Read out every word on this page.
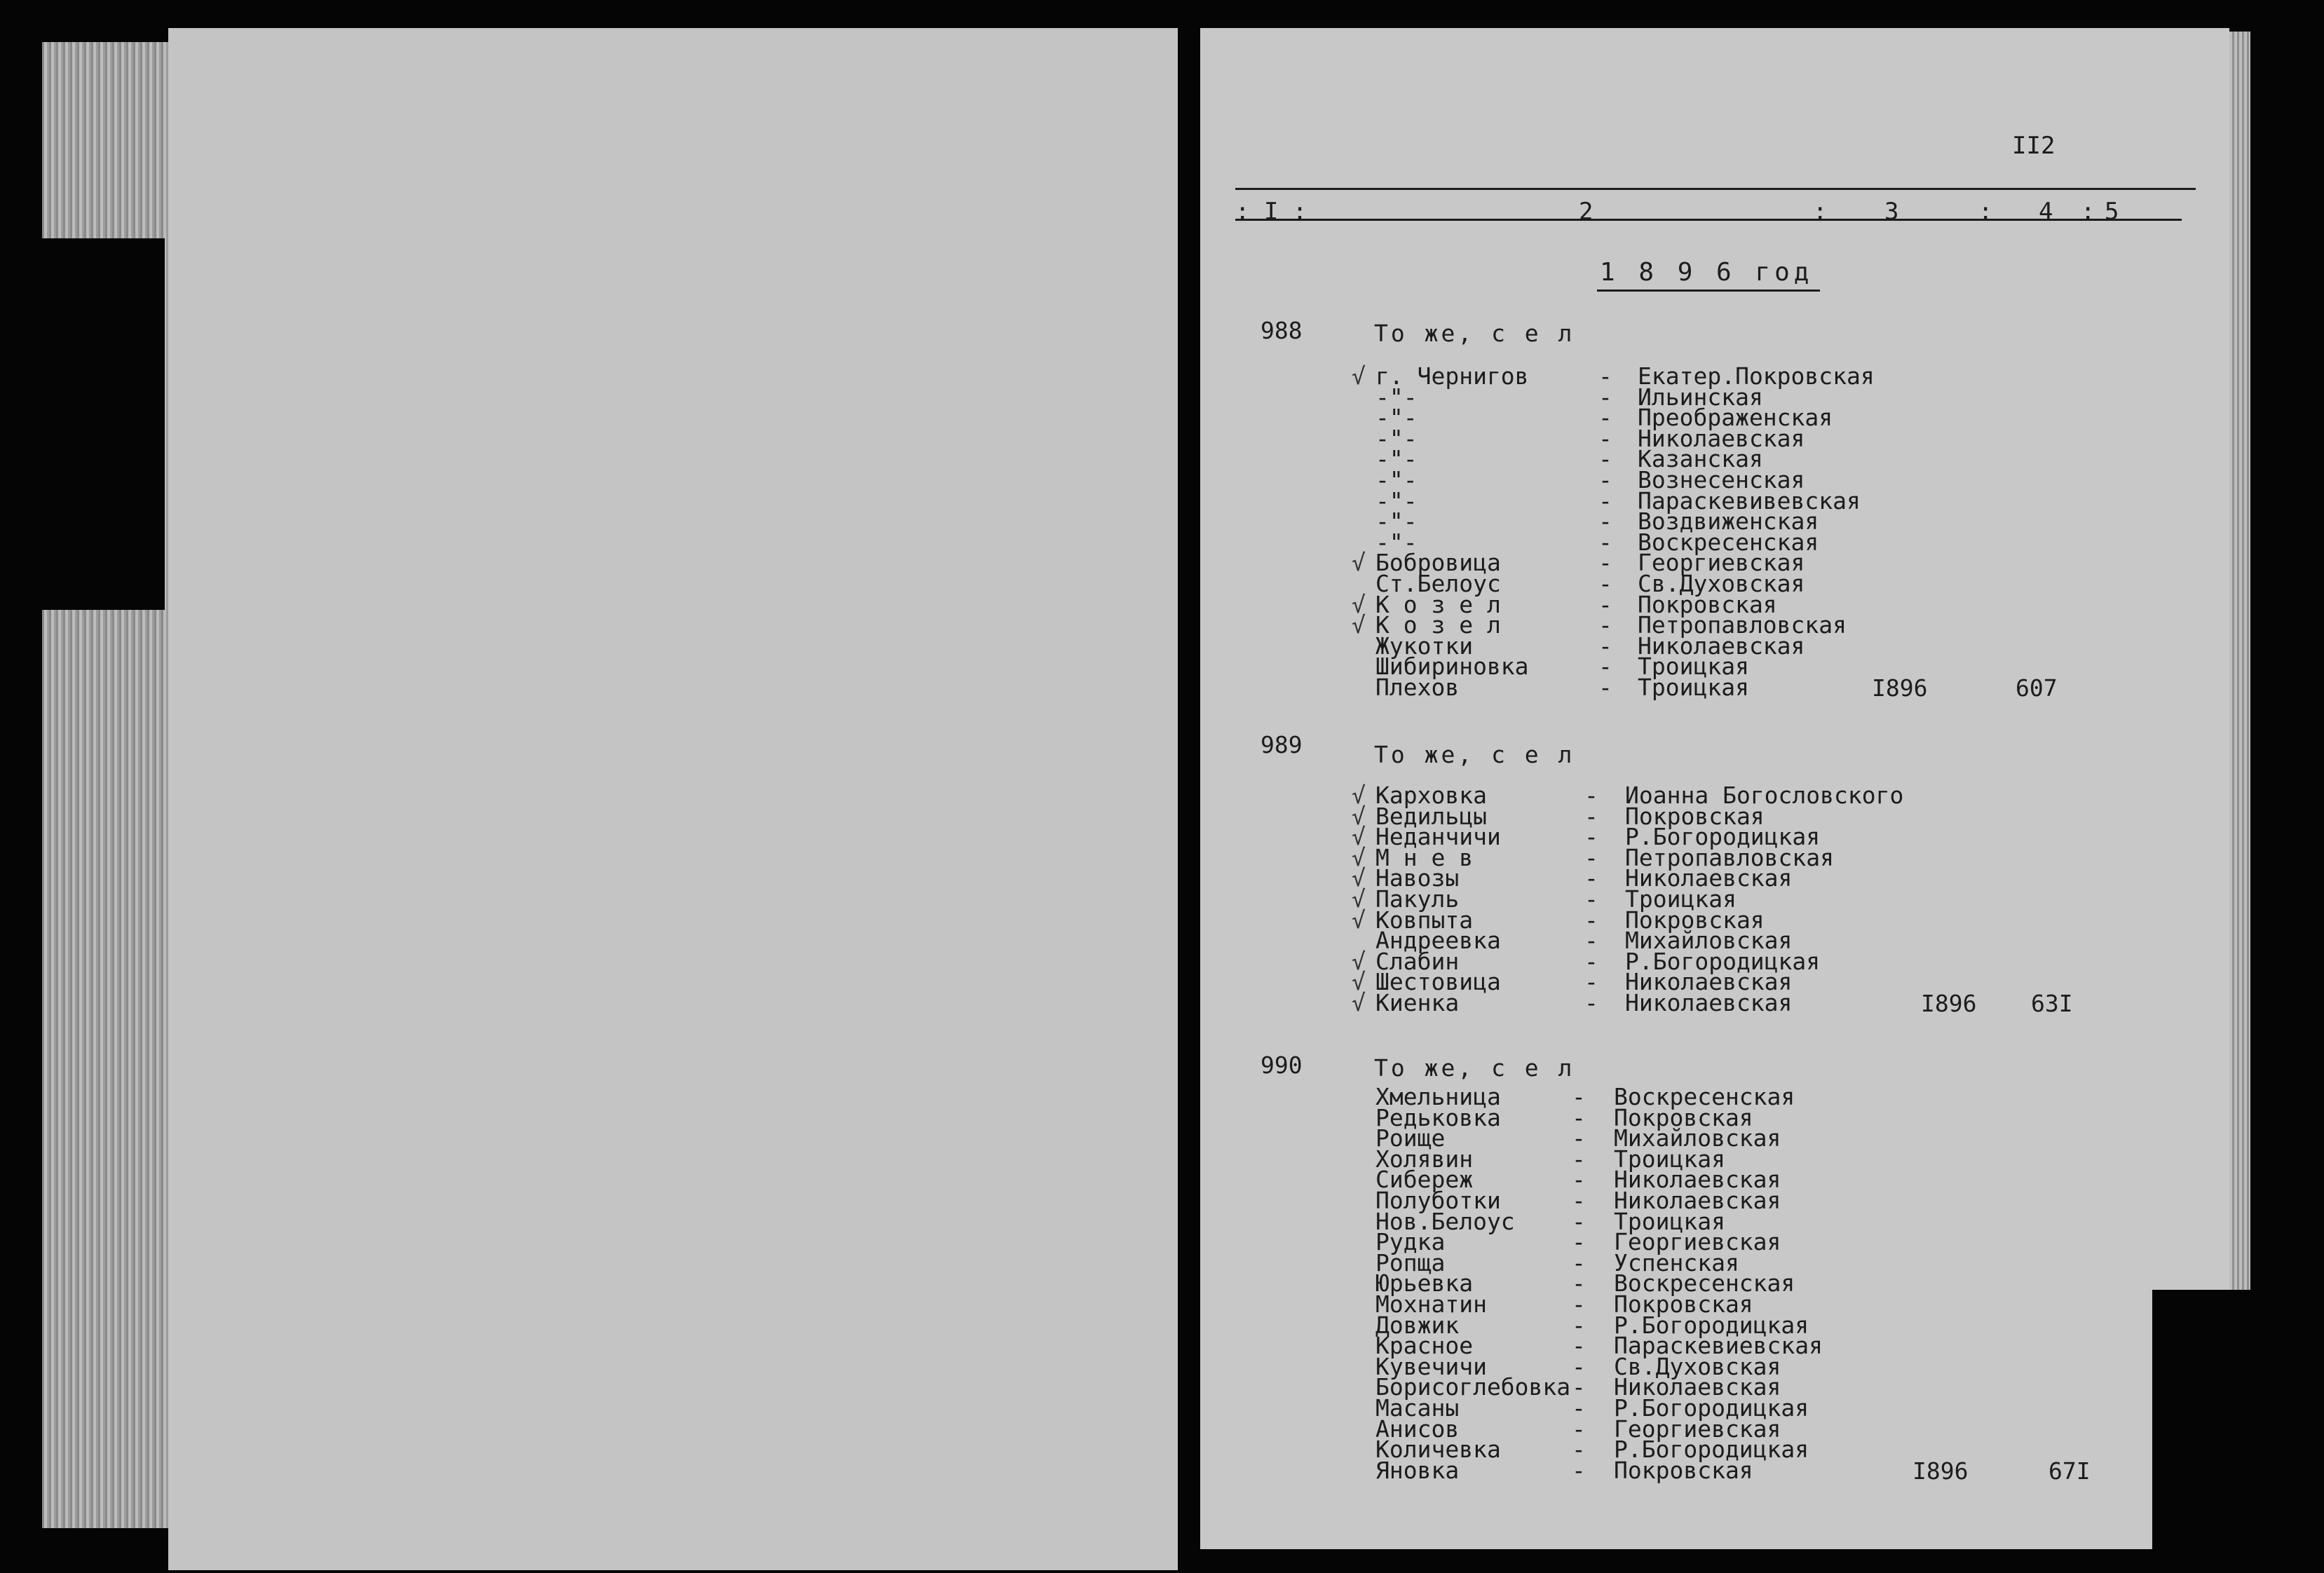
II2
: I :	2	: 3	: 4 : 5
1 8 9 6 год
988	То же, с е л
√ г. Чернигов	- Екатер.Покровская
-"-	- Ильинская
-"-	- Преображенская
-"-	- Николаевская
-"-	- Казанская
-"-	- Вознесенская
-"-	- Параскевивевская
-"-	- Воздвиженская
-"-	- Воскресенская
√ Бобровица	- Георгиевская
Ст.Белоус	- Св.Духовская
√ К о з е л	- Покровская
√ К о з е л	- Петропавловская
Жукотки	- Николаевская
Шибириновка	- Троицкая
Плехов	- Троицкая	I896	607
989	То же, с е л
√ Карховка	- Иоанна Богословского
√ Ведильцы	- Покровская
√ Неданчичи	- Р.Богородицкая
√ М н е в	- Петропавловская
√ Навозы	- Николаевская
√ Пакуль	- Троицкая
√ Ковпыта	- Покровская
Андреевка	- Михайловская
√ Слабин	- Р.Богородицкая
√ Шестовица	- Николаевская
√ Киенка	- Николаевская	I896 63I
990	То же, с е л
Хмельница	- Воскресенская
Редьковка	- Покровская
Роище	- Михайловская
Холявин	- Троицкая
Сиберeж	- Николаевская
Полуботки	- Николаевская
Нов.Белоус - Троицкая
Рудка	- Георгиевская
Ропща	- Успенская
Юрьевка	- Воскресенская
Мохнатин	- Покровская
Довжик	- Р.Богородицкая
Красное	- Параскевиевская
Кувечичи	- Св.Духовская
Борисоглебовка - Николаевская
Масаны	- Р.Богородицкая
Анисов	- Георгиевская
Количевка	- Р.Богородицкая
Яновка	- Покровская	I896	67I
